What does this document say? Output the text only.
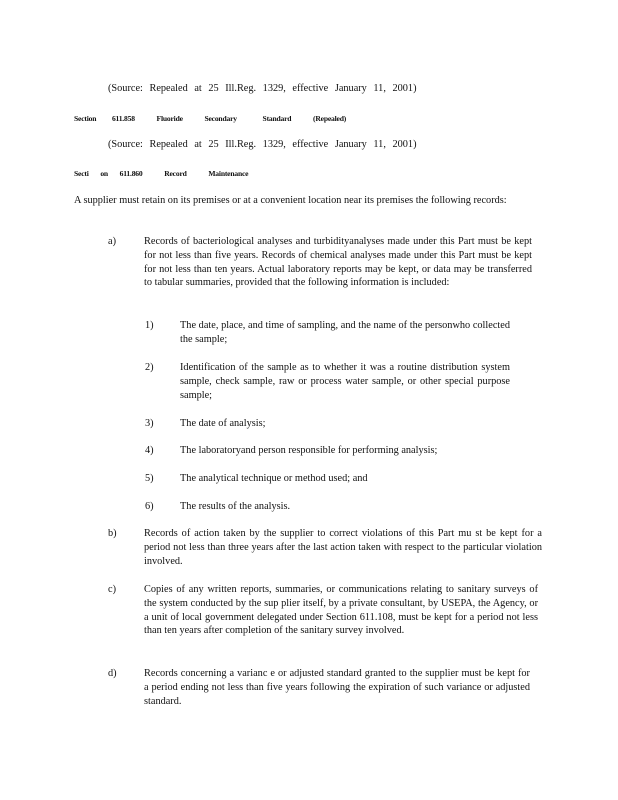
(Source: Repealed at 25 Ill.Reg. 1329, effective January 11, 2001)
Section 611.858	Fluoride	Secondary	Standard	(Repealed)
(Source: Repealed at 25 Ill.Reg. 1329, effective January 11, 2001)
Secti on 611.860	Record	Maintenance
A supplier must retain on its premises or at a convenient location near its premises the following records:
a)	Records of bacteriological analyses and turbidityanalyses made under this Part must be kept for not less than five years. Records of chemical analyses made under this Part must be kept for not less than ten years. Actual laboratory reports may be kept, or data may be transferred to tabular summaries, provided that the following information is included:
1)	The date, place, and time of sampling, and the name of the personwho collected the sample;
2)	Identification of the sample as to whether it was a routine distribution system sample, check sample, raw or process water sample, or other special purpose sample;
3)	The date of analysis;
4)	The laboratoryand person responsible for performing analysis;
5)	The analytical technique or method used; and
6)	The results of the analysis.
b)	Records of action taken by the supplier to correct violations of this Part mu st be kept for a period not less than three years after the last action taken with respect to the particular violation involved.
c)	Copies of any written reports, summaries, or communications relating to sanitary surveys of the system conducted by the sup plier itself, by a private consultant, by USEPA, the Agency, or a unit of local government delegated under Section 611.108, must be kept for a period not less than ten years after completion of the sanitary survey involved.
d)	Records concerning a varianc e or adjusted standard granted to the supplier must be kept for a period ending not less than five years following the expiration of such variance or adjusted standard.
